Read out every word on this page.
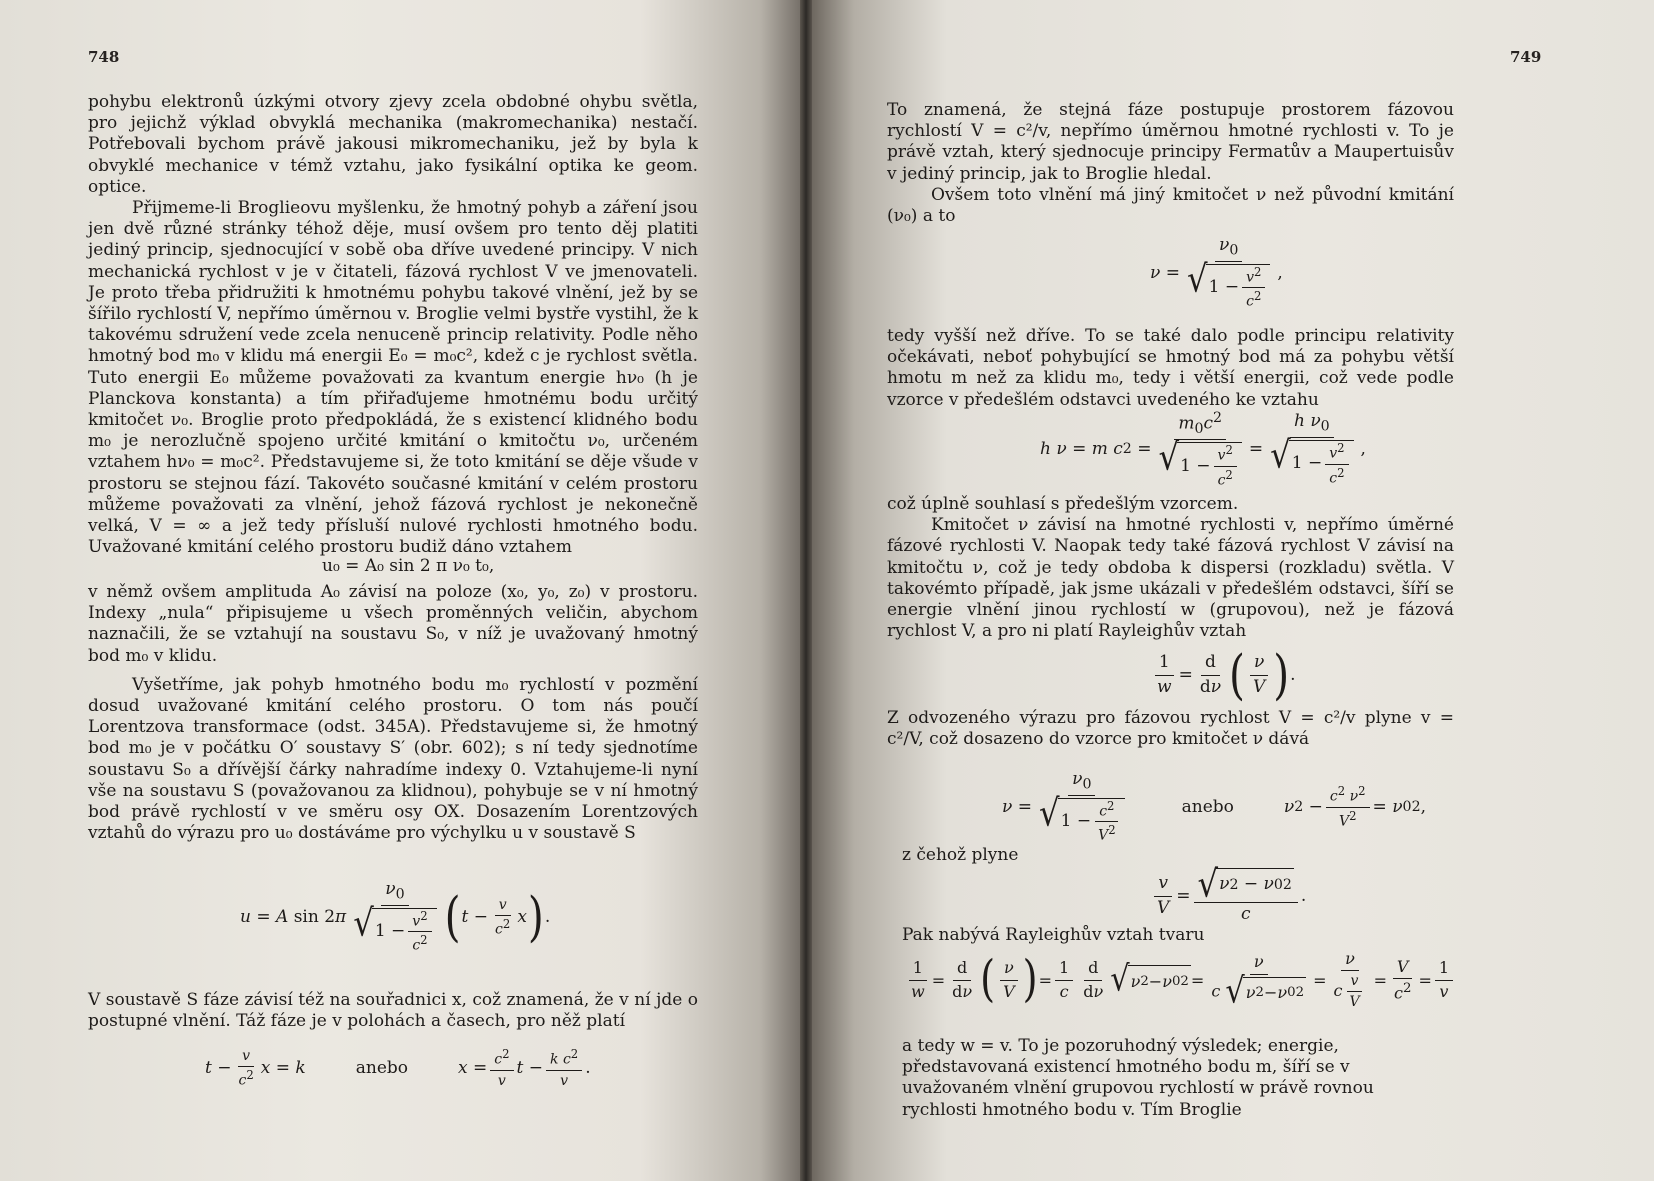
748

pohybu elektronů úzkými otvory zjevy zcela obdobné ohybu světla, pro jejichž výklad obvyklá mechanika (makromechanika) nestačí. Potřebovali bychom právě jakousi mikromechaniku, jež by byla k obvyklé mechanice v témž vztahu, jako fysikální optika ke geom. optice.

Přijmeme-li Broglieovu myšlenku, že hmotný pohyb a záření jsou jen dvě různé stránky téhož děje, musí ovšem pro tento děj platiti jediný princip, sjednocující v sobě oba dříve uvedené principy. V nich mechanická rychlost v je v čitateli, fázová rychlost V ve jmenovateli. Je proto třeba přidružiti k hmotnému pohybu takové vlnění, jež by se šířilo rychlostí V, nepřímo úměrnou v. Broglie velmi bystře vystihl, že k takovému sdružení vede zcela nenuceně princip relativity. Podle něho hmotný bod m₀ v klidu má energii E₀ = m₀c², kdež c je rychlost světla. Tuto energii E₀ můžeme považovati za kvantum energie hν₀ (h je Planckova konstanta) a tím přiřaďujeme hmotnému bodu určitý kmitočet ν₀. Broglie proto předpokládá, že s existencí klidného bodu m₀ je nerozlučně spojeno určité kmitání o kmitočtu ν₀, určeném vztahem hν₀ = m₀c². Představujeme si, že toto kmitání se děje všude v prostoru se stejnou fází. Takovéto současné kmitání v celém prostoru můžeme považovati za vlnění, jehož fázová rychlost je nekonečně velká, V = ∞ a jež tedy přísluší nulové rychlosti hmotného bodu. Uvažované kmitání celého prostoru budiž dáno vztahem

u₀ = A₀ sin 2 π ν₀ t₀,

v němž ovšem amplituda A₀ závisí na poloze (x₀, y₀, z₀) v prostoru. Indexy „nula“ připisujeme u všech proměnných veličin, abychom naznačili, že se vztahují na soustavu S₀, v níž je uvažovaný hmotný bod m₀ v klidu.

Vyšetříme, jak pohyb hmotného bodu m₀ rychlostí v pozmění dosud uvažované kmitání celého prostoru. O tom nás poučí Lorentzova transformace (odst. 345A). Představujeme si, že hmotný bod m₀ je v počátku O′ soustavy S′ (obr. 602); s ní tedy sjednotíme soustavu S₀ a dřívější čárky nahradíme indexy 0. Vztahujeme-li nyní vše na soustavu S (považovanou za klidnou), pohybuje se v ní hmotný bod právě rychlostí v ve směru osy OX. Dosazením Lorentzových vztahů do výrazu pro u₀ dostáváme pro výchylku u v soustavě S

u = A sin 2 π $\frac{\nu_0}{√ 1 - \frac{v^2}{c^2}}$ ( $t - \frac{v}{c^2}$ x ) .

V soustavě S fáze závisí též na souřadnici x, což znamená, že v ní jde o postupné vlnění. Táž fáze je v polohách a časech, pro něž platí

$t - \frac{v}{c^2}$ x = k	anebo	$x = \frac{c^2}{v}$ $t - \frac{k c^2}{v}$ .
749

To znamená, že stejná fáze postupuje prostorem fázovou rychlostí V = c²/v, nepřímo úměrnou hmotné rychlosti v. To je právě vztah, který sjednocuje principy Fermatův a Maupertuisův v jediný princip, jak to Broglie hledal.

Ovšem toto vlnění má jiný kmitočet ν než původní kmitání (ν₀) a to

$\nu = \frac{\nu_0}{√ 1 - \frac{v^2}{c^2}}$ ,

tedy vyšší než dříve. To se také dalo podle principu relativity očekávati, neboť pohybující se hmotný bod má za pohybu větší hmotu m než za klidu m₀, tedy i větší energii, což vede podle vzorce v předešlém odstavci uvedeného ke vztahu

h ν = m c $2 = \frac{m_0c^2}{√ 1 - \frac{v^2}{c^2}} = \frac{h \nu_0}{√ 1 - \frac{v^2}{c^2}}$ ,

což úplně souhlasí s předešlým vzorcem.

Kmitočet ν závisí na hmotné rychlosti v, nepřímo úměrné fázové rychlosti V. Naopak tedy také fázová rychlost V závisí na kmitočtu ν, což je tedy obdoba k dispersi (rozkladu) světla. V takovémto případě, jak jsme ukázali v předešlém odstavci, šíří se energie vlnění jinou rychlostí w (grupovou), než je fázová rychlost V, a pro ni platí Rayleighův vztah

$\frac{1}{w} = \frac{d}{d\nu}$ ( $\frac{\nu}{V}$ ) .

Z odvozeného výrazu pro fázovou rychlost V = c²/v plyne v = c²/V, což dosazeno do vzorce pro kmitočet ν dává

$\nu = \frac{\nu_0}{√ 1 - \frac{c^2}{V^2}}$	anebo	ν $2 - \frac{c^2 \nu^2}{V^2} = \nu$ 0 2 ,

z čehož plyne

$\frac{v}{V} = \frac{√ \nu 2 - \nu 0 2}{c}$ .

Pak nabývá Rayleighův vztah tvaru

$\frac{1}{w} = \frac{d}{d\nu}$ ( $\frac{\nu}{V}$ ) = $\frac{1}{c} \frac{d}{d\nu}$ √ ν 2 − ν 0 $2 = \frac{\nu}{c √ \nu 2 - \nu 0 2} = \frac{\nu}{c \frac{v}{V}} = \frac{V}{c^2} = \frac{1}{v}$

a tedy w = v. To je pozoruhodný výsledek; energie, představovaná existencí hmotného bodu m, šíří se v uvažovaném vlnění grupovou rychlostí w právě rovnou rychlosti hmotného bodu v. Tím Broglie
